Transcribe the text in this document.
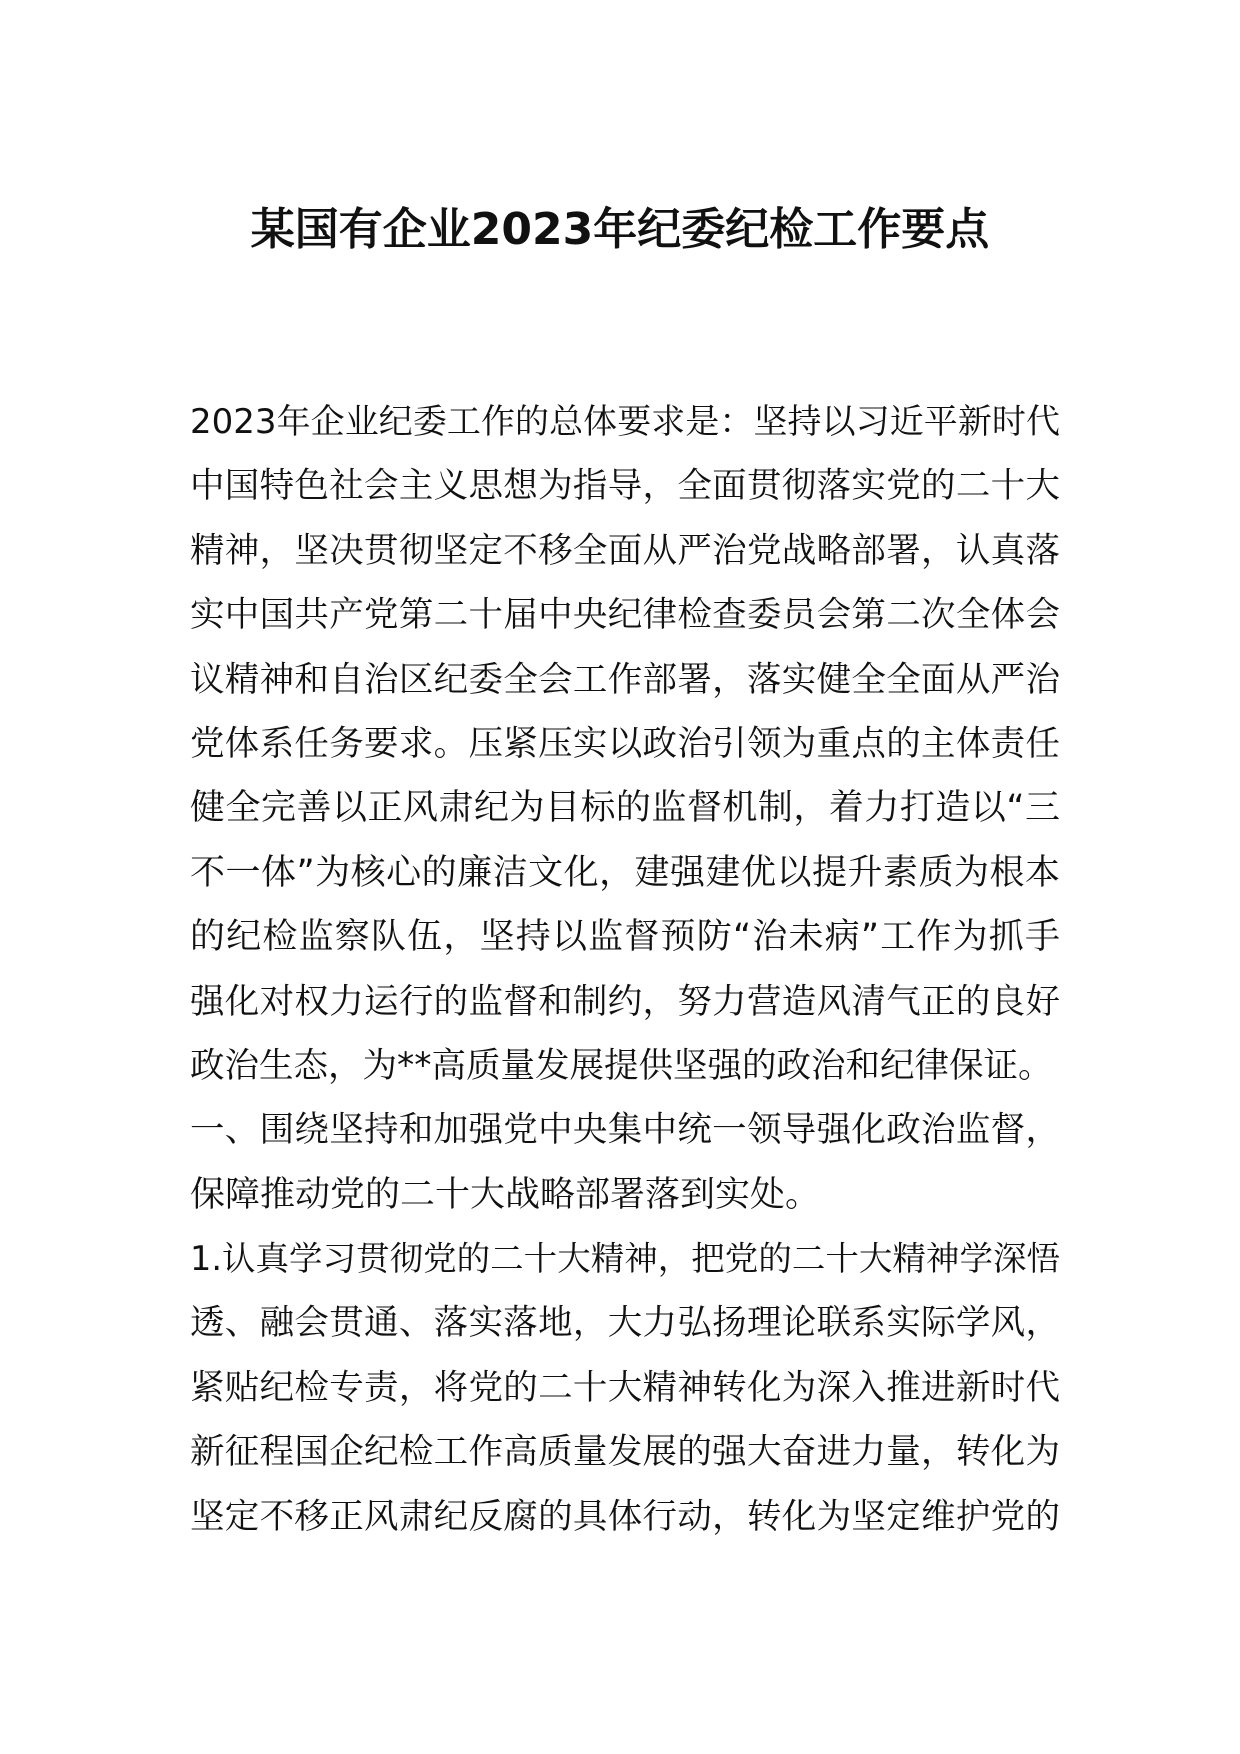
某国有企业2023年纪委纪检工作要点
2023年企业纪委工作的总体要求是：坚持以习近平新时代
中国特色社会主义思想为指导，全面贯彻落实党的二十大
精神，坚决贯彻坚定不移全面从严治党战略部署，认真落
实中国共产党第二十届中央纪律检查委员会第二次全体会
议精神和自治区纪委全会工作部署，落实健全全面从严治
党体系任务要求。压紧压实以政治引领为重点的主体责任
健全完善以正风肃纪为目标的监督机制，着力打造以“三
不一体”为核心的廉洁文化，建强建优以提升素质为根本
的纪检监察队伍，坚持以监督预防“治未病”工作为抓手
强化对权力运行的监督和制约，努力营造风清气正的良好
政治生态，为**高质量发展提供坚强的政治和纪律保证。
一、围绕坚持和加强党中央集中统一领导强化政治监督，
保障推动党的二十大战略部署落到实处。
1.认真学习贯彻党的二十大精神，把党的二十大精神学深悟
透、融会贯通、落实落地，大力弘扬理论联系实际学风，
紧贴纪检专责，将党的二十大精神转化为深入推进新时代
新征程国企纪检工作高质量发展的强大奋进力量，转化为
坚定不移正风肃纪反腐的具体行动，转化为坚定维护党的
